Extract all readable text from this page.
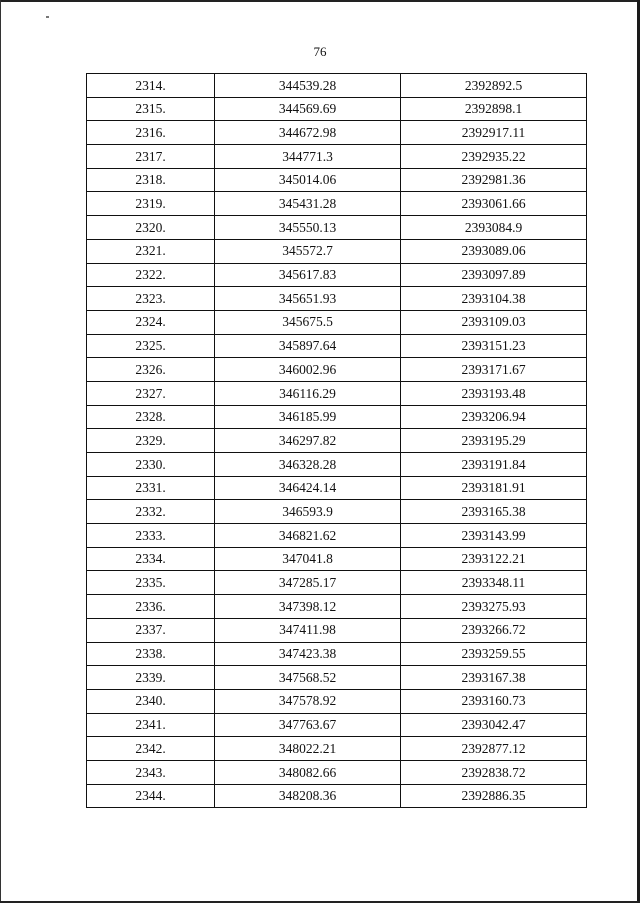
76
2314.	344539.28	2392892.5
2315.	344569.69	2392898.1
2316.	344672.98	2392917.11
2317.	344771.3	2392935.22
2318.	345014.06	2392981.36
2319.	345431.28	2393061.66
2320.	345550.13	2393084.9
2321.	345572.7	2393089.06
2322.	345617.83	2393097.89
2323.	345651.93	2393104.38
2324.	345675.5	2393109.03
2325.	345897.64	2393151.23
2326.	346002.96	2393171.67
2327.	346116.29	2393193.48
2328.	346185.99	2393206.94
2329.	346297.82	2393195.29
2330.	346328.28	2393191.84
2331.	346424.14	2393181.91
2332.	346593.9	2393165.38
2333.	346821.62	2393143.99
2334.	347041.8	2393122.21
2335.	347285.17	2393348.11
2336.	347398.12	2393275.93
2337.	347411.98	2393266.72
2338.	347423.38	2393259.55
2339.	347568.52	2393167.38
2340.	347578.92	2393160.73
2341.	347763.67	2393042.47
2342.	348022.21	2392877.12
2343.	348082.66	2392838.72
2344.	348208.36	2392886.35
